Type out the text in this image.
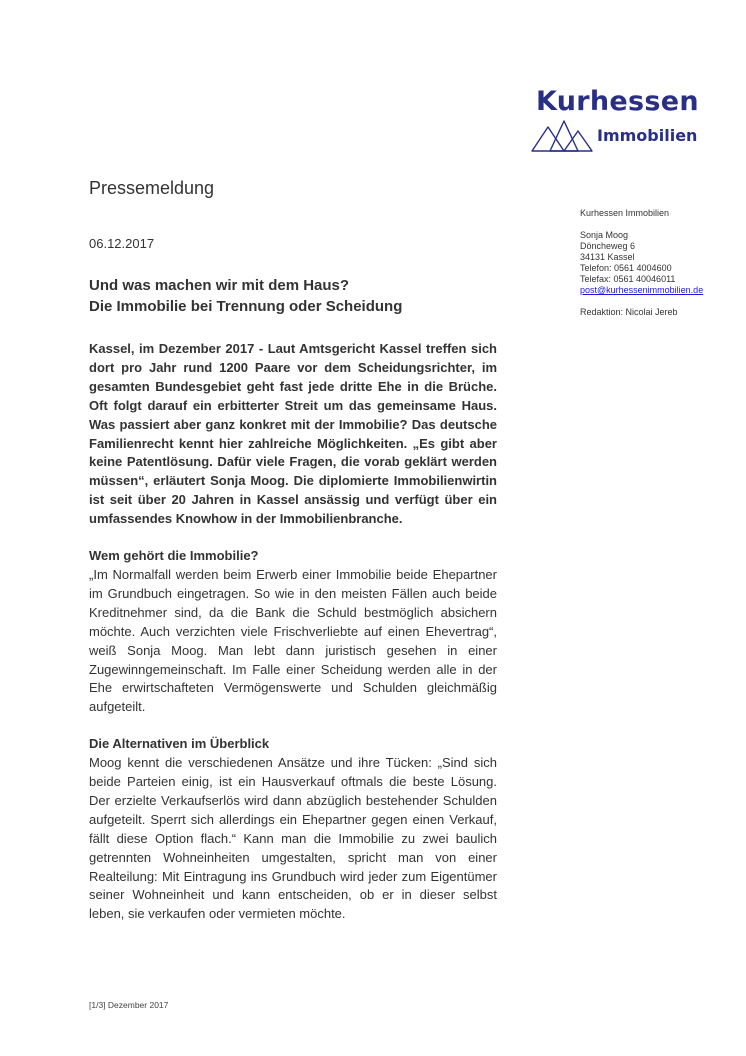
Kurhessen
Immobilien
Pressemeldung
06.12.2017
Und was machen wir mit dem Haus?
Die Immobilie bei Trennung oder Scheidung

Kassel, im Dezember 2017 - Laut Amtsgericht Kassel treffen sich dort pro Jahr rund 1200 Paare vor dem Scheidungsrichter, im gesamten Bundesgebiet geht fast jede dritte Ehe in die Brüche. Oft folgt darauf ein erbitterter Streit um das gemeinsame Haus. Was passiert aber ganz konkret mit der Immobilie? Das deutsche Familienrecht kennt hier zahlreiche Möglichkeiten. „Es gibt aber keine Patentlösung. Dafür viele Fragen, die vorab geklärt werden müssen“, erläutert Sonja Moog. Die diplomierte Immobilienwirtin ist seit über 20 Jahren in Kassel ansässig und verfügt über ein umfassendes Knowhow in der Immobilienbranche.

Wem gehört die Immobilie?

„Im Normalfall werden beim Erwerb einer Immobilie beide Ehepartner im Grundbuch eingetragen. So wie in den meisten Fällen auch beide Kreditnehmer sind, da die Bank die Schuld bestmöglich absichern möchte. Auch verzichten viele Frischverliebte auf einen Ehevertrag“, weiß Sonja Moog. Man lebt dann juristisch gesehen in einer Zugewinngemeinschaft. Im Falle einer Scheidung werden alle in der Ehe erwirtschafteten Vermögenswerte und Schulden gleichmäßig aufgeteilt.

Die Alternativen im Überblick

Moog kennt die verschiedenen Ansätze und ihre Tücken: „Sind sich beide Parteien einig, ist ein Hausverkauf oftmals die beste Lösung. Der erzielte Verkaufserlös wird dann abzüglich bestehender Schulden aufgeteilt. Sperrt sich allerdings ein Ehepartner gegen einen Verkauf, fällt diese Option flach.“ Kann man die Immobilie zu zwei baulich getrennten Wohneinheiten umgestalten, spricht man von einer Realteilung: Mit Eintragung ins Grundbuch wird jeder zum Eigentümer seiner Wohneinheit und kann entscheiden, ob er in dieser selbst leben, sie verkaufen oder vermieten möchte.

Kurhessen Immobilien
Sonja Moog
Döncheweg 6
34131 Kassel
Telefon: 0561 4004600
Telefax: 0561 40046011
post@kurhessenimmobilien.de
Redaktion: Nicolai Jereb
[1/3] Dezember 2017
